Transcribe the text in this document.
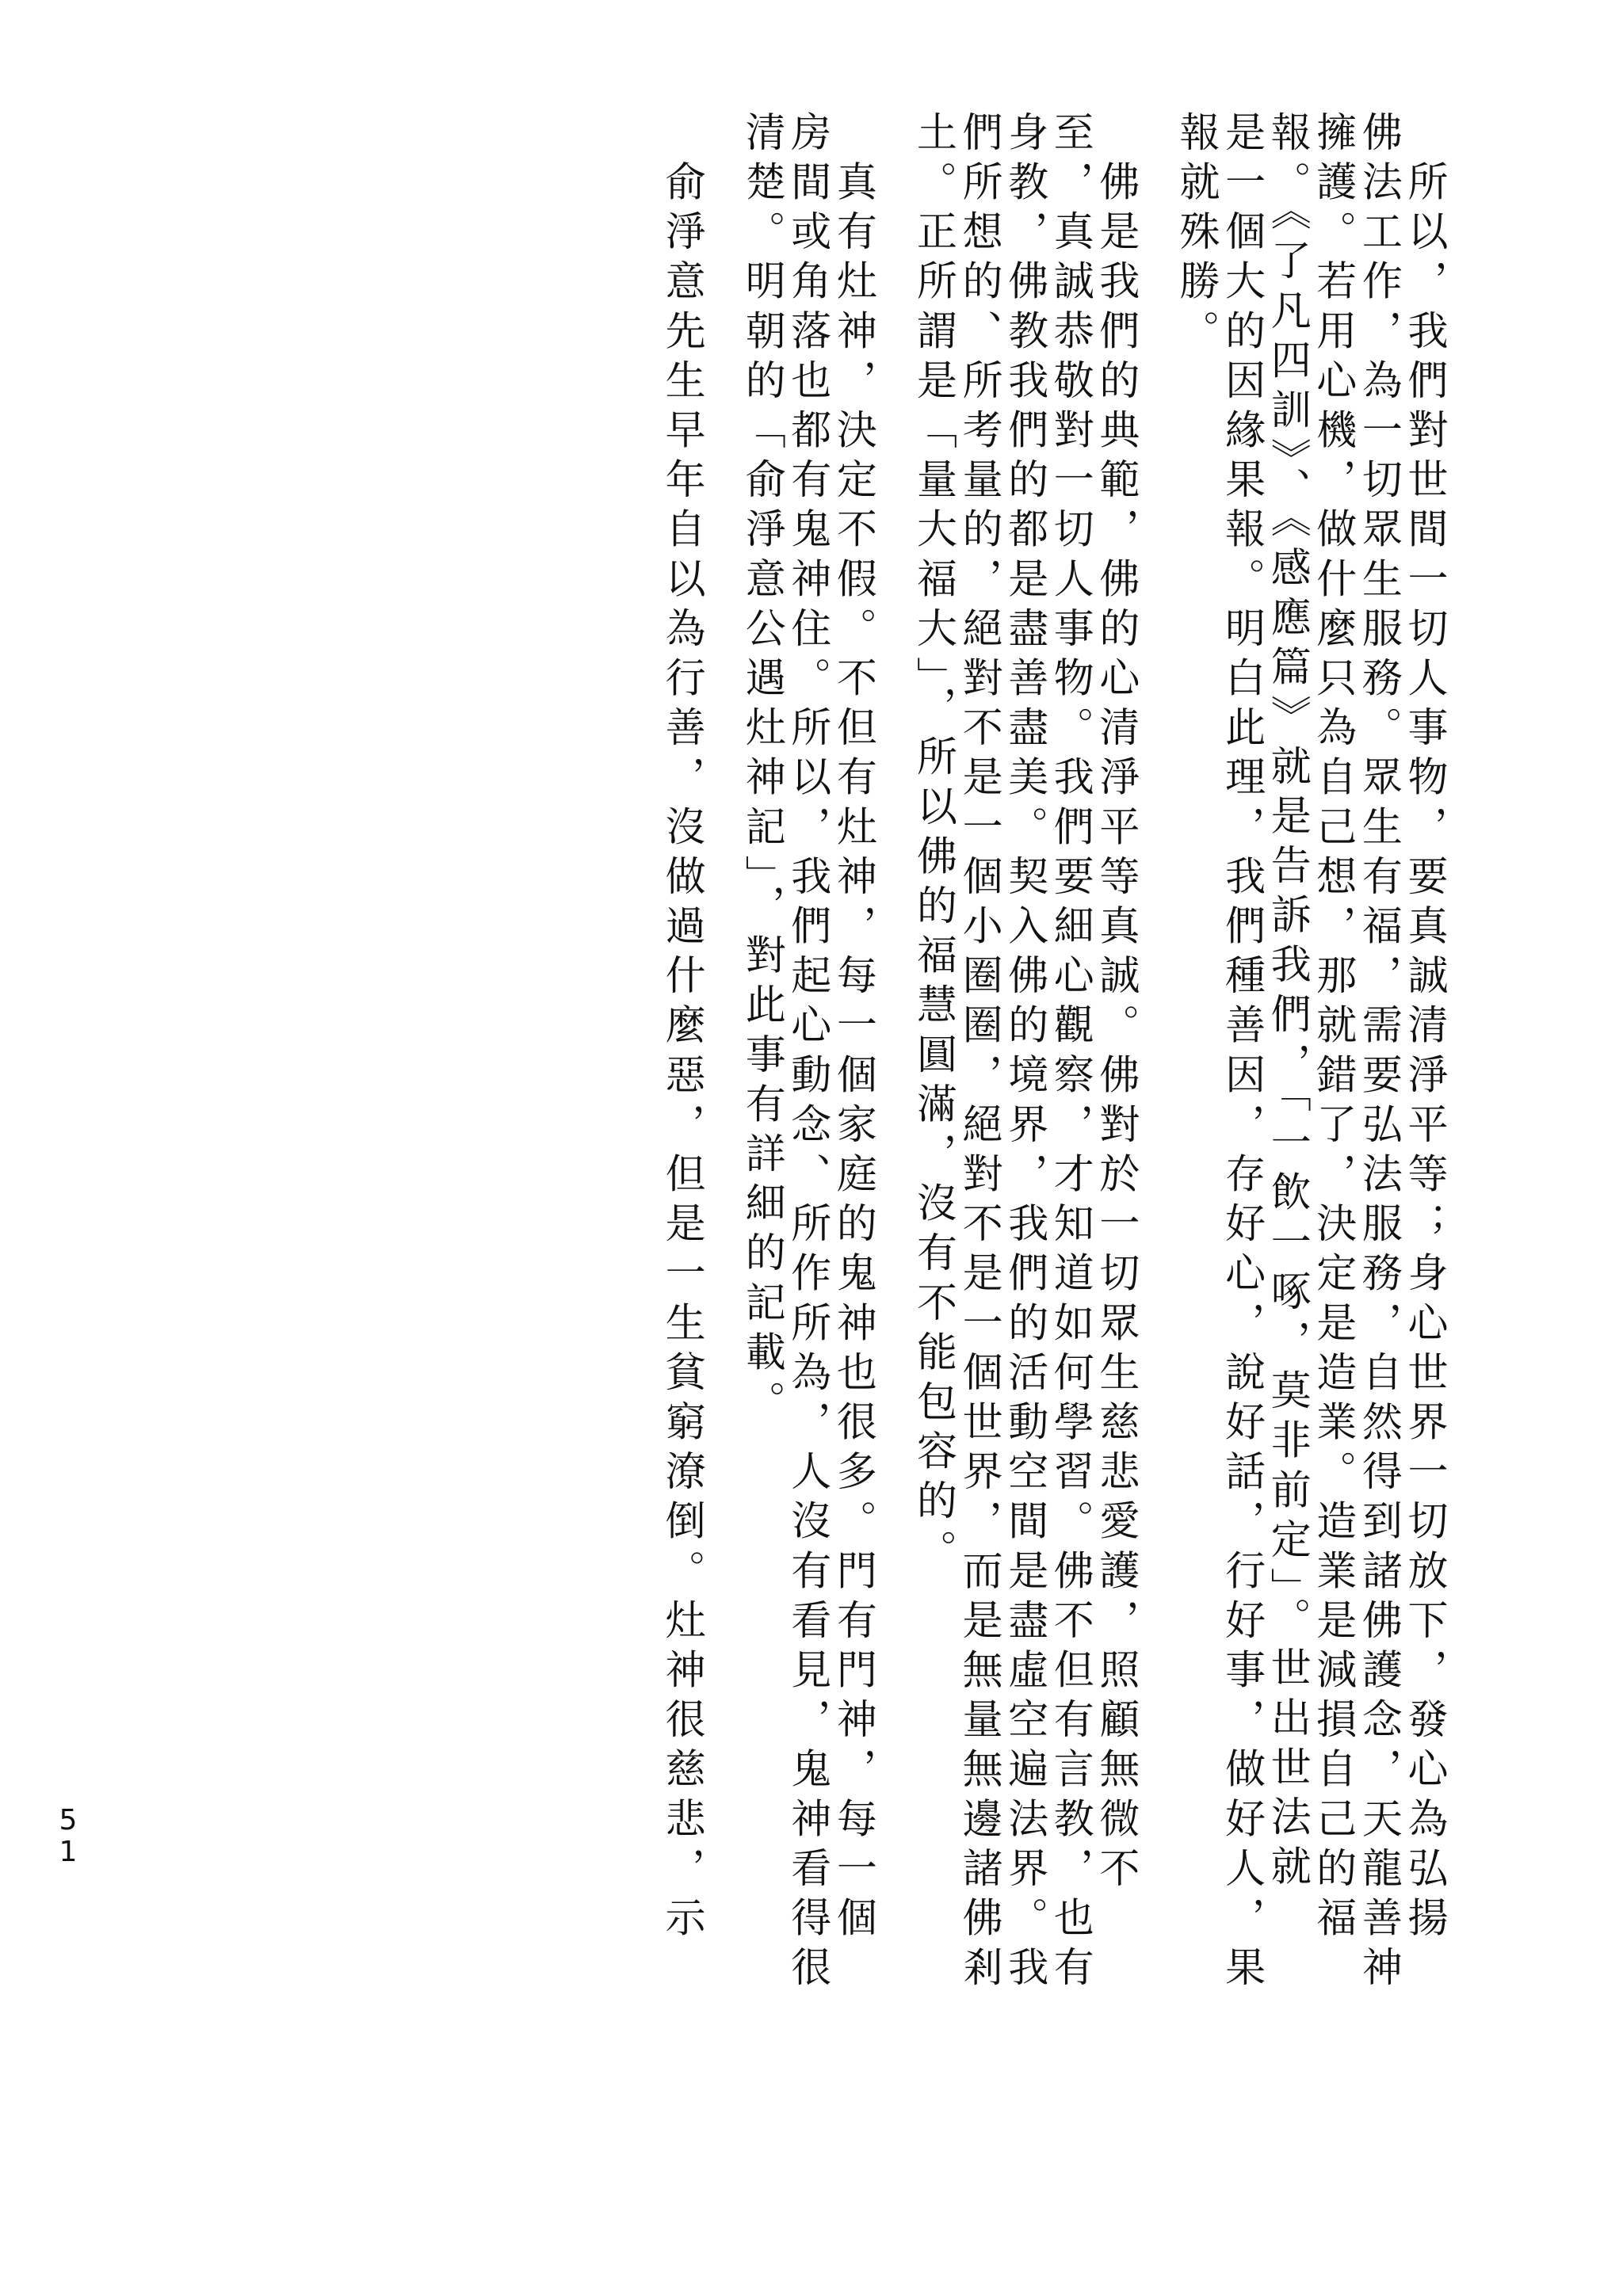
　所以，我們對世間一切人事物，要真誠清淨平等；身心世界一切放下，發心為弘揚
佛法工作，為一切眾生服務。眾生有福，需要弘法服務，自然得到諸佛護念，天龍善神
擁護。若用心機，做什麼只為自己想，那就錯了，決定是造業。造業是減損自己的福
報。《了凡四訓》、《感應篇》就是告訴我們，「一飲一啄，莫非前定」。世出世法就
是一個大的因緣果報。明白此理，我們種善因，存好心，說好話，行好事，做好人，果
報就殊勝。
　佛是我們的典範，佛的心清淨平等真誠。佛對於一切眾生慈悲愛護，照顧無微不
至，真誠恭敬對一切人事物。我們要細心觀察，才知道如何學習。佛不但有言教，也有
身教，佛教我們的都是盡善盡美。契入佛的境界，我們的活動空間是盡虛空遍法界。我
們所想的、所考量的，絕對不是一個小圈圈，絕對不是一個世界，而是無量無邊諸佛剎
土。正所謂是「量大福大」，所以佛的福慧圓滿，沒有不能包容的。
　真有灶神，決定不假。不但有灶神，每一個家庭的鬼神也很多。門有門神，每一個
房間或角落也都有鬼神住。所以，我們起心動念、所作所為，人沒有看見，鬼神看得很
清楚。明朝的「俞淨意公遇灶神記」，對此事有詳細的記載。
　俞淨意先生早年自以為行善，沒做過什麼惡，但是一生貧窮潦倒。灶神很慈悲，示
51
